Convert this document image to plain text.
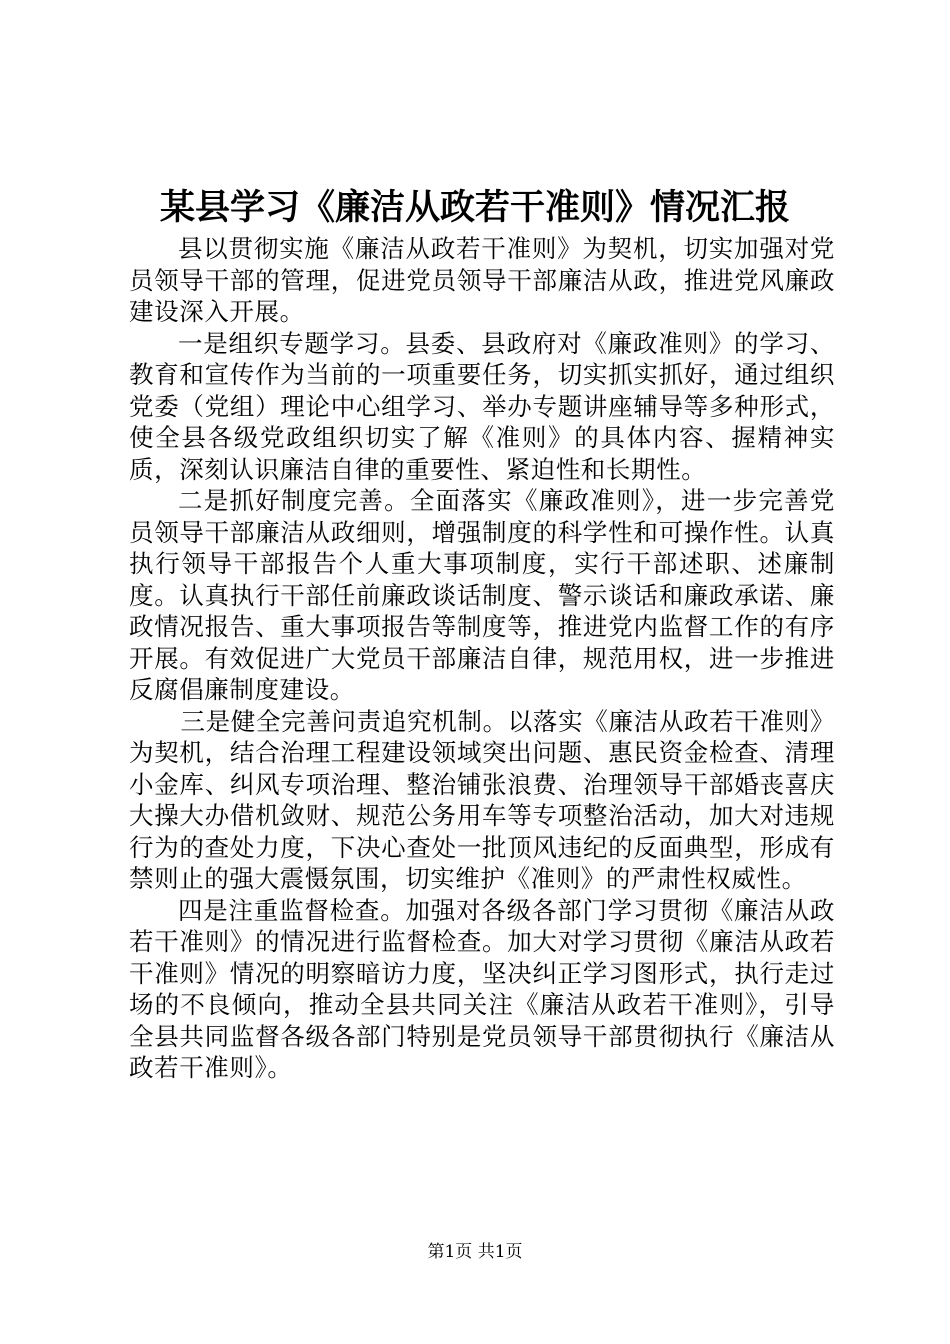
某县学习《廉洁从政若干准则》情况汇报

县以贯彻实施《廉洁从政若干准则》为契机，切实加强对党员领导干部的管理，促进党员领导干部廉洁从政，推进党风廉政建设深入开展。

一是组织专题学习。县委、县政府对《廉政准则》的学习、教育和宣传作为当前的一项重要任务，切实抓实抓好，通过组织党委（党组）理论中心组学习、举办专题讲座辅导等多种形式，使全县各级党政组织切实了解《准则》的具体内容、握精神实质，深刻认识廉洁自律的重要性、紧迫性和长期性。

二是抓好制度完善。全面落实《廉政准则》，进一步完善党员领导干部廉洁从政细则，增强制度的科学性和可操作性。认真执行领导干部报告个人重大事项制度，实行干部述职、述廉制度。认真执行干部任前廉政谈话制度、警示谈话和廉政承诺、廉政情况报告、重大事项报告等制度等，推进党内监督工作的有序开展。有效促进广大党员干部廉洁自律，规范用权，进一步推进反腐倡廉制度建设。

三是健全完善问责追究机制。以落实《廉洁从政若干准则》为契机，结合治理工程建设领域突出问题、惠民资金检查、清理小金库、纠风专项治理、整治铺张浪费、治理领导干部婚丧喜庆大操大办借机敛财、规范公务用车等专项整治活动，加大对违规行为的查处力度，下决心查处一批顶风违纪的反面典型，形成有禁则止的强大震慑氛围，切实维护《准则》的严肃性权威性。

四是注重监督检查。加强对各级各部门学习贯彻《廉洁从政若干准则》的情况进行监督检查。加大对学习贯彻《廉洁从政若干准则》情况的明察暗访力度，坚决纠正学习图形式，执行走过场的不良倾向，推动全县共同关注《廉洁从政若干准则》，引导全县共同监督各级各部门特别是党员领导干部贯彻执行《廉洁从政若干准则》。

第1页 共1页
